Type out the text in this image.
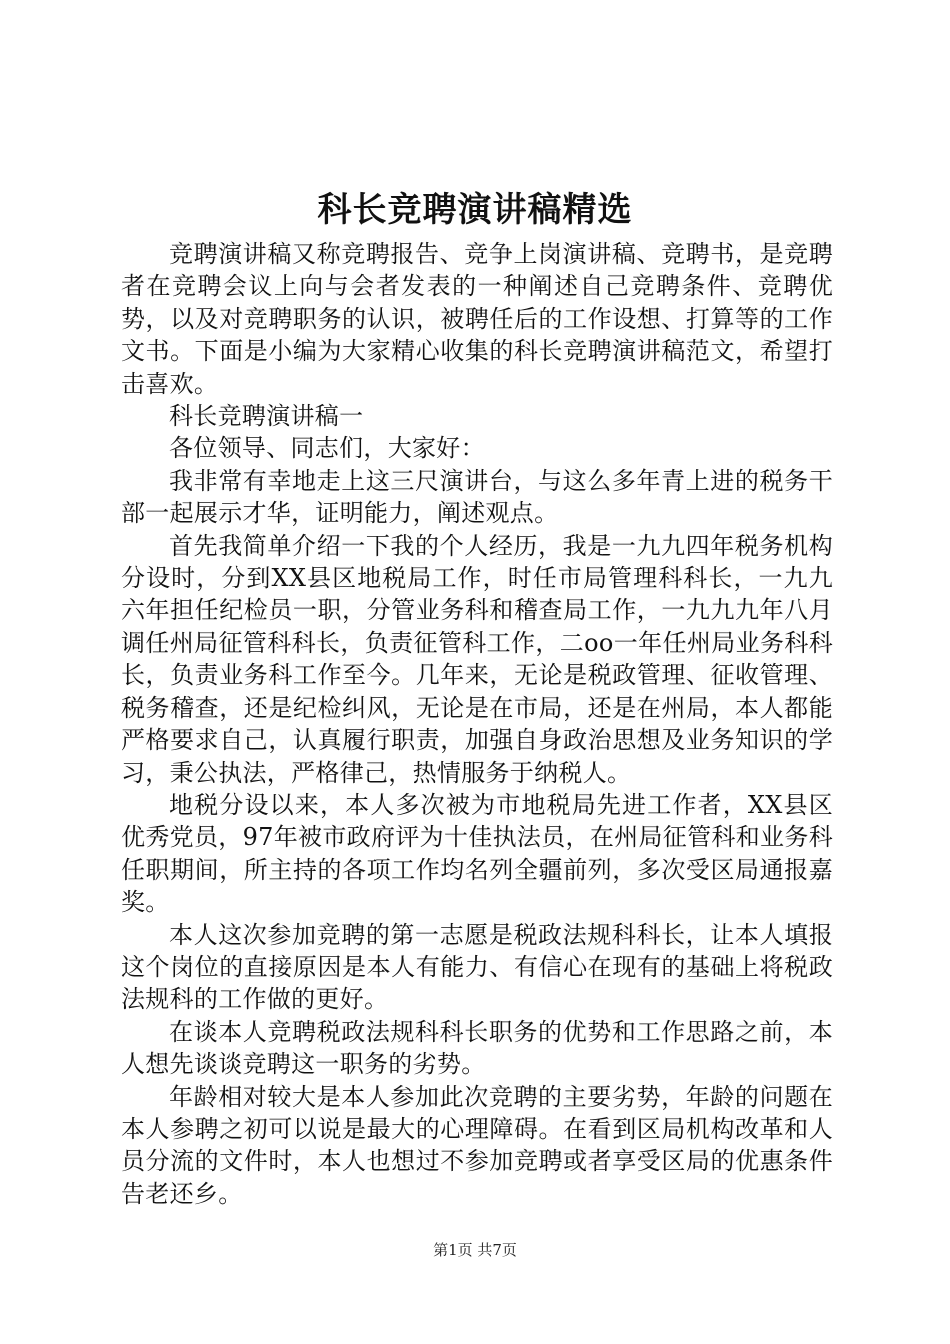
科长竞聘演讲稿精选

竞聘演讲稿又称竞聘报告、竞争上岗演讲稿、竞聘书，是竞聘者在竞聘会议上向与会者发表的一种阐述自己竞聘条件、竞聘优势，以及对竞聘职务的认识，被聘任后的工作设想、打算等的工作文书。下面是小编为大家精心收集的科长竞聘演讲稿范文，希望打击喜欢。

科长竞聘演讲稿一

各位领导、同志们，大家好：

我非常有幸地走上这三尺演讲台，与这么多年青上进的税务干部一起展示才华，证明能力，阐述观点。

首先我简单介绍一下我的个人经历，我是一九九四年税务机构分设时，分到XX县区地税局工作，时任市局管理科科长，一九九六年担任纪检员一职，分管业务科和稽查局工作，一九九九年八月调任州局征管科科长，负责征管科工作，二oo一年任州局业务科科长，负责业务科工作至今。几年来，无论是税政管理、征收管理、税务稽查，还是纪检纠风，无论是在市局，还是在州局，本人都能严格要求自己，认真履行职责，加强自身政治思想及业务知识的学习，秉公执法，严格律己，热情服务于纳税人。

地税分设以来，本人多次被为市地税局先进工作者，XX县区优秀党员，97年被市政府评为十佳执法员，在州局征管科和业务科任职期间，所主持的各项工作均名列全疆前列，多次受区局通报嘉奖。

本人这次参加竞聘的第一志愿是税政法规科科长，让本人填报这个岗位的直接原因是本人有能力、有信心在现有的基础上将税政法规科的工作做的更好。

在谈本人竞聘税政法规科科长职务的优势和工作思路之前，本人想先谈谈竞聘这一职务的劣势。

年龄相对较大是本人参加此次竞聘的主要劣势，年龄的问题在本人参聘之初可以说是最大的心理障碍。在看到区局机构改革和人员分流的文件时，本人也想过不参加竞聘或者享受区局的优惠条件告老还乡。

第1页 共7页
